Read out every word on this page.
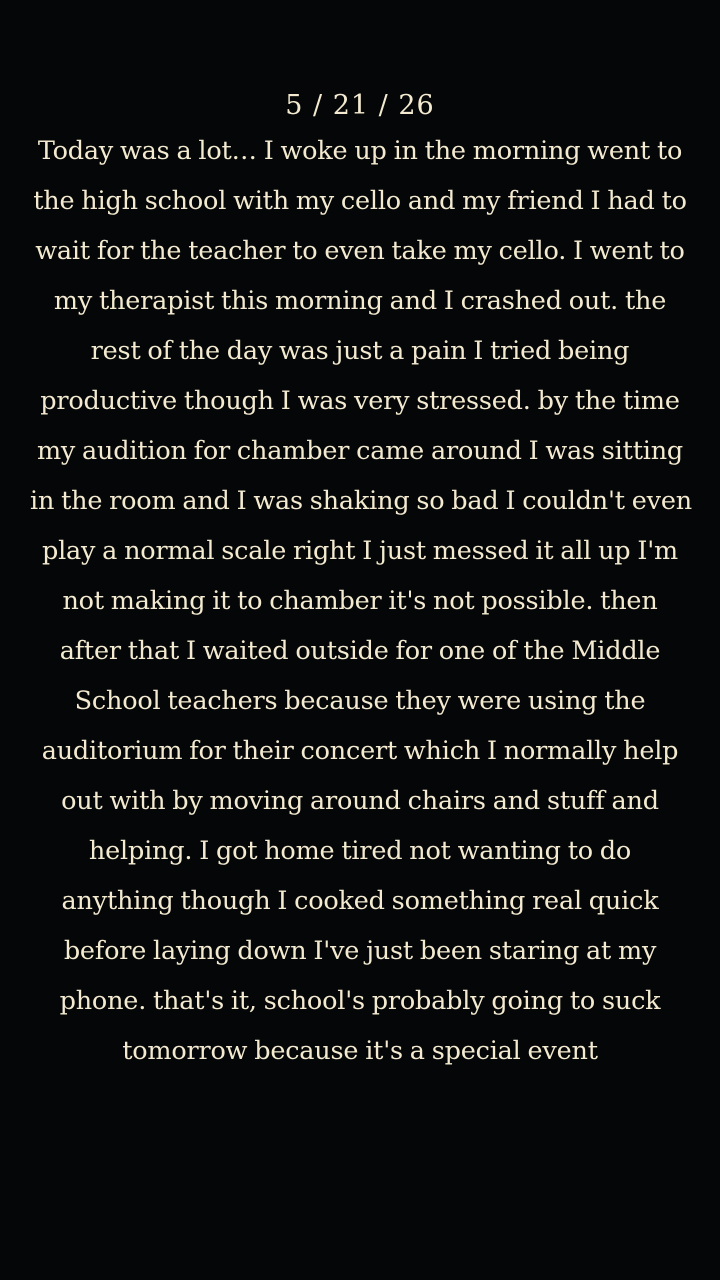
5 / 21 / 26

Today was a lot… I woke up in the morning went to
the high school with my cello and my friend I had to
wait for the teacher to even take my cello. I went to
my therapist this morning and I crashed out. the
rest of the day was just a pain I tried being
productive though I was very stressed. by the time
my audition for chamber came around I was sitting
in the room and I was shaking so bad I couldn't even
play a normal scale right I just messed it all up I'm
not making it to chamber it's not possible. then
after that I waited outside for one of the Middle
School teachers because they were using the
auditorium for their concert which I normally help
out with by moving around chairs and stuff and
helping. I got home tired not wanting to do
anything though I cooked something real quick
before laying down I've just been staring at my
phone. that's it, school's probably going to suck
tomorrow because it's a special event
